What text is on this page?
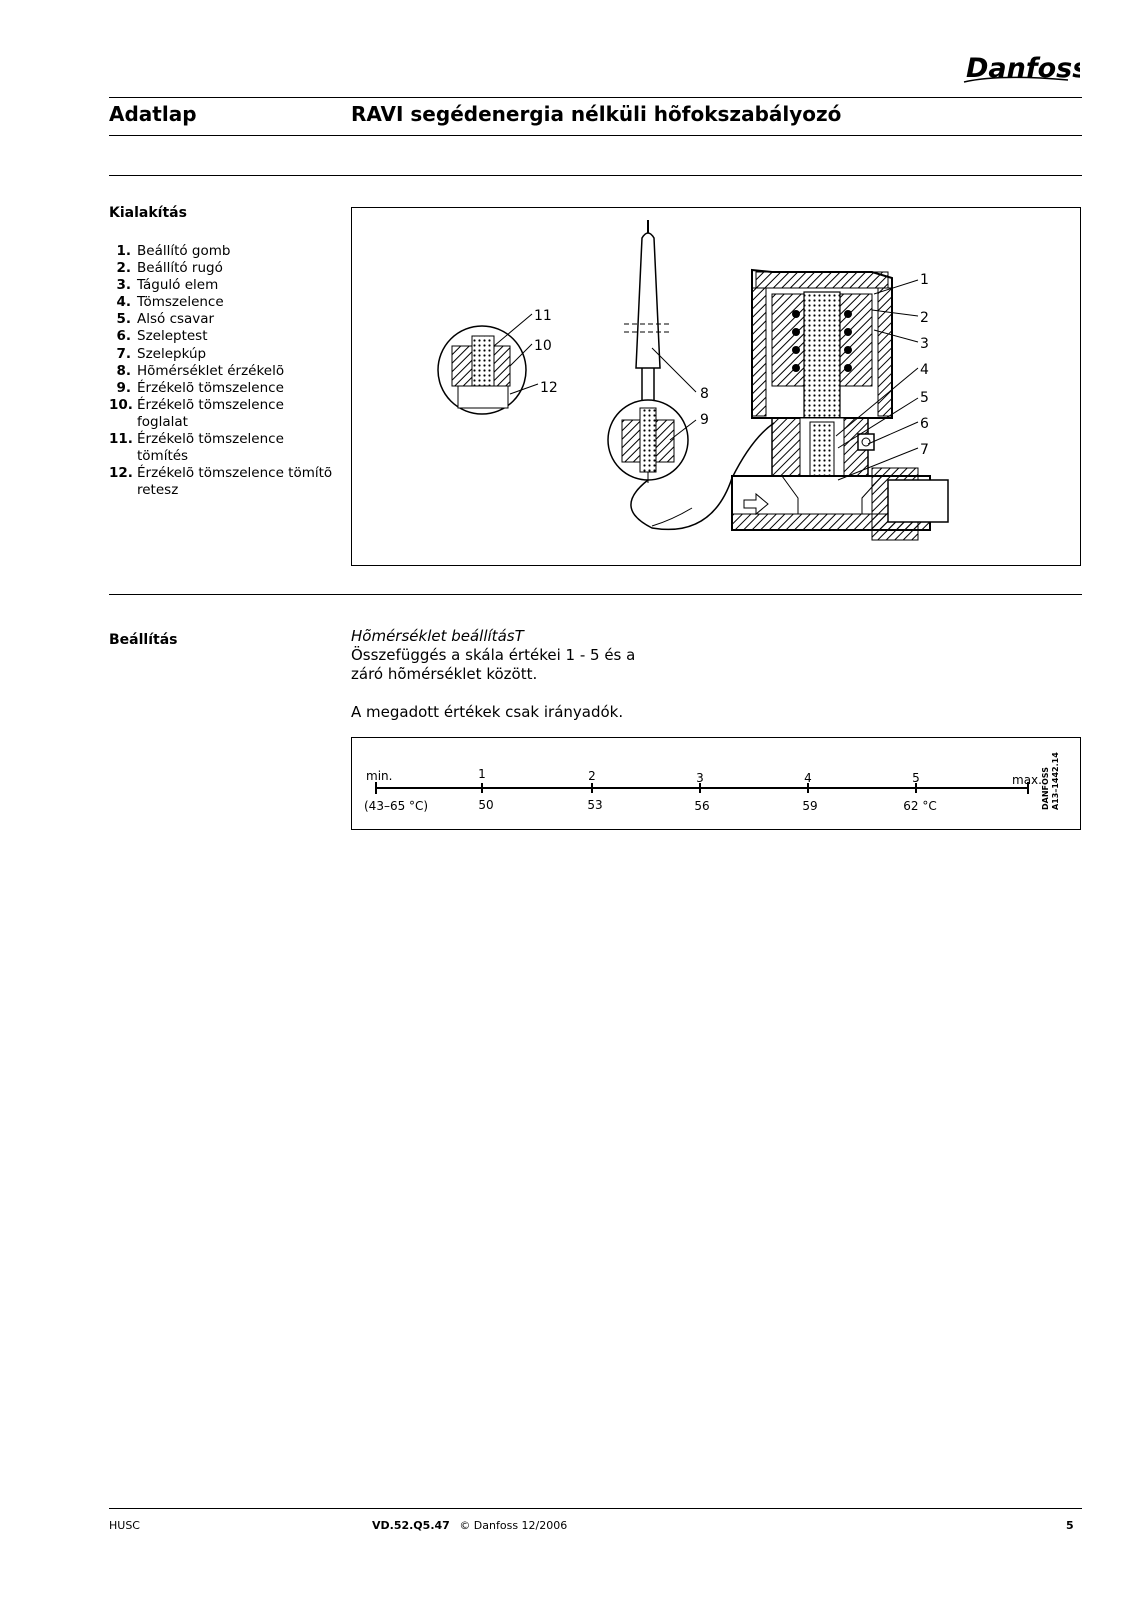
Danfoss
Adatlap	RAVI segédenergia nélküli hõfokszabályozó
Kialakítás
1. Beállító gomb
2. Beállító rugó
3. Táguló elem
4. Tömszelence
5. Alsó csavar
6. Szeleptest
7. Szelepkúp
8. Hõmérséklet érzékelõ
9. Érzékelõ tömszelence
10. Érzékelõ tömszelence foglalat
11. Érzékelõ tömszelence tömítés
12. Érzékelõ tömszelence tömítõ retesz
1
2
3
4
5
6
7
8
9
10
11
12
Beállítás	Hõmérséklet beállításT
Összefüggés a skála értékei 1 - 5 és a
záró hõmérséklet között.
A megadott értékek csak irányadók.
min.	max.
(43–65 °C)
1	2	3	4	5
50	53	56	59	62 °C	DANFOSS A13–1442.14
HUSC	VD.52.Q5.47 © Danfoss 12/2006	5
